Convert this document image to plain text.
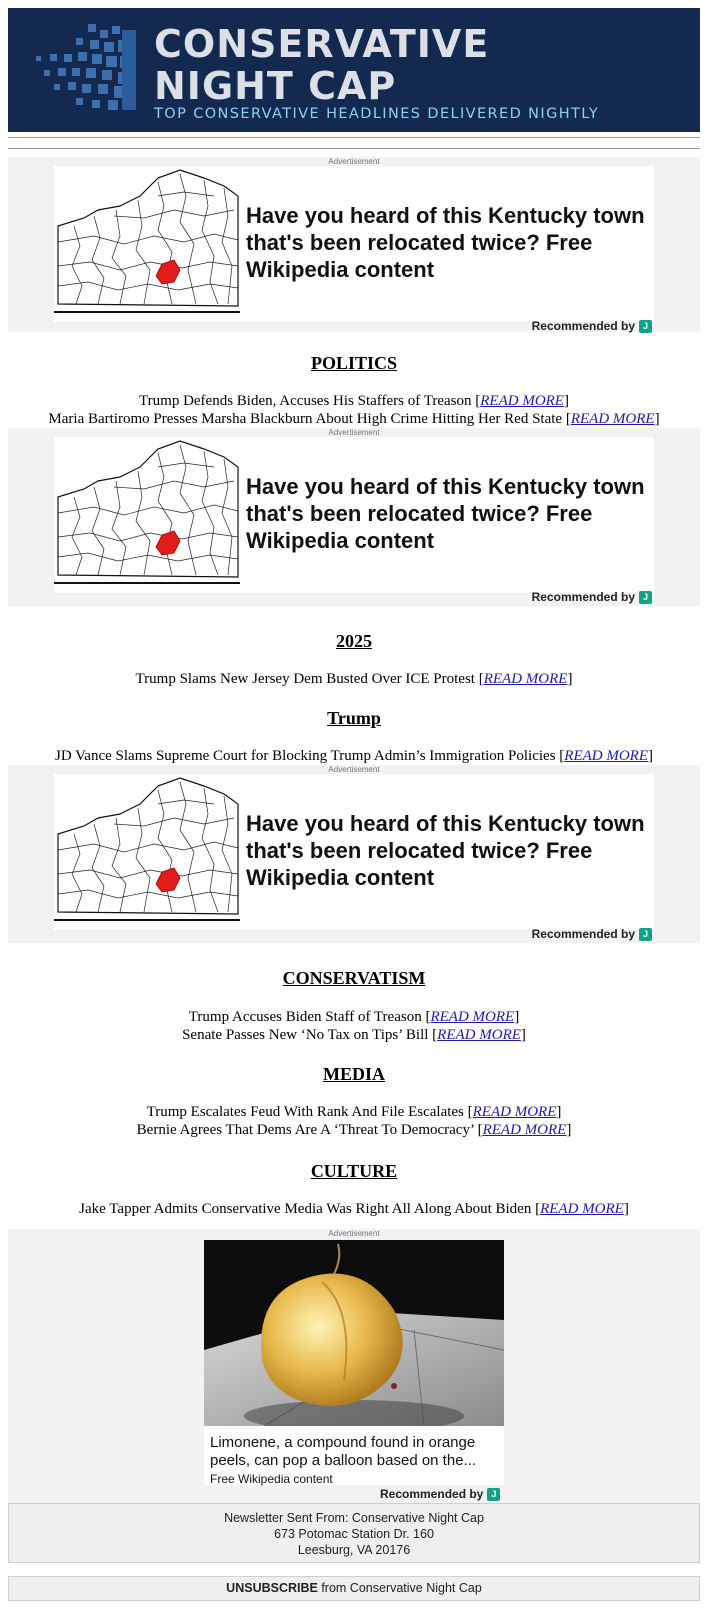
CONSERVATIVE
NIGHT CAP
TOP CONSERVATIVE HEADLINES DELIVERED NIGHTLY
Advertisement
Have you heard of this Kentucky town that's been relocated twice? Free Wikipedia content
Recommended by J
POLITICS
Trump Defends Biden, Accuses His Staffers of Treason [READ MORE]
Maria Bartiromo Presses Marsha Blackburn About High Crime Hitting Her Red State [READ MORE]
Advertisement
Have you heard of this Kentucky town that's been relocated twice? Free Wikipedia content
Recommended by J
2025
Trump Slams New Jersey Dem Busted Over ICE Protest [READ MORE]
Trump
JD Vance Slams Supreme Court for Blocking Trump Admin’s Immigration Policies [READ MORE]
Advertisement
Have you heard of this Kentucky town that's been relocated twice? Free Wikipedia content
Recommended by J
CONSERVATISM
Trump Accuses Biden Staff of Treason [READ MORE]
Senate Passes New ‘No Tax on Tips’ Bill [READ MORE]
MEDIA
Trump Escalates Feud With Rank And File Escalates [READ MORE]
Bernie Agrees That Dems Are A ‘Threat To Democracy’ [READ MORE]
CULTURE
Jake Tapper Admits Conservative Media Was Right All Along About Biden [READ MORE]
Advertisement
Limonene, a compound found in orange peels, can pop a balloon based on the...
Free Wikipedia content
Recommended by J
Newsletter Sent From: Conservative Night Cap
673 Potomac Station Dr. 160
Leesburg, VA 20176
UNSUBSCRIBE from Conservative Night Cap
